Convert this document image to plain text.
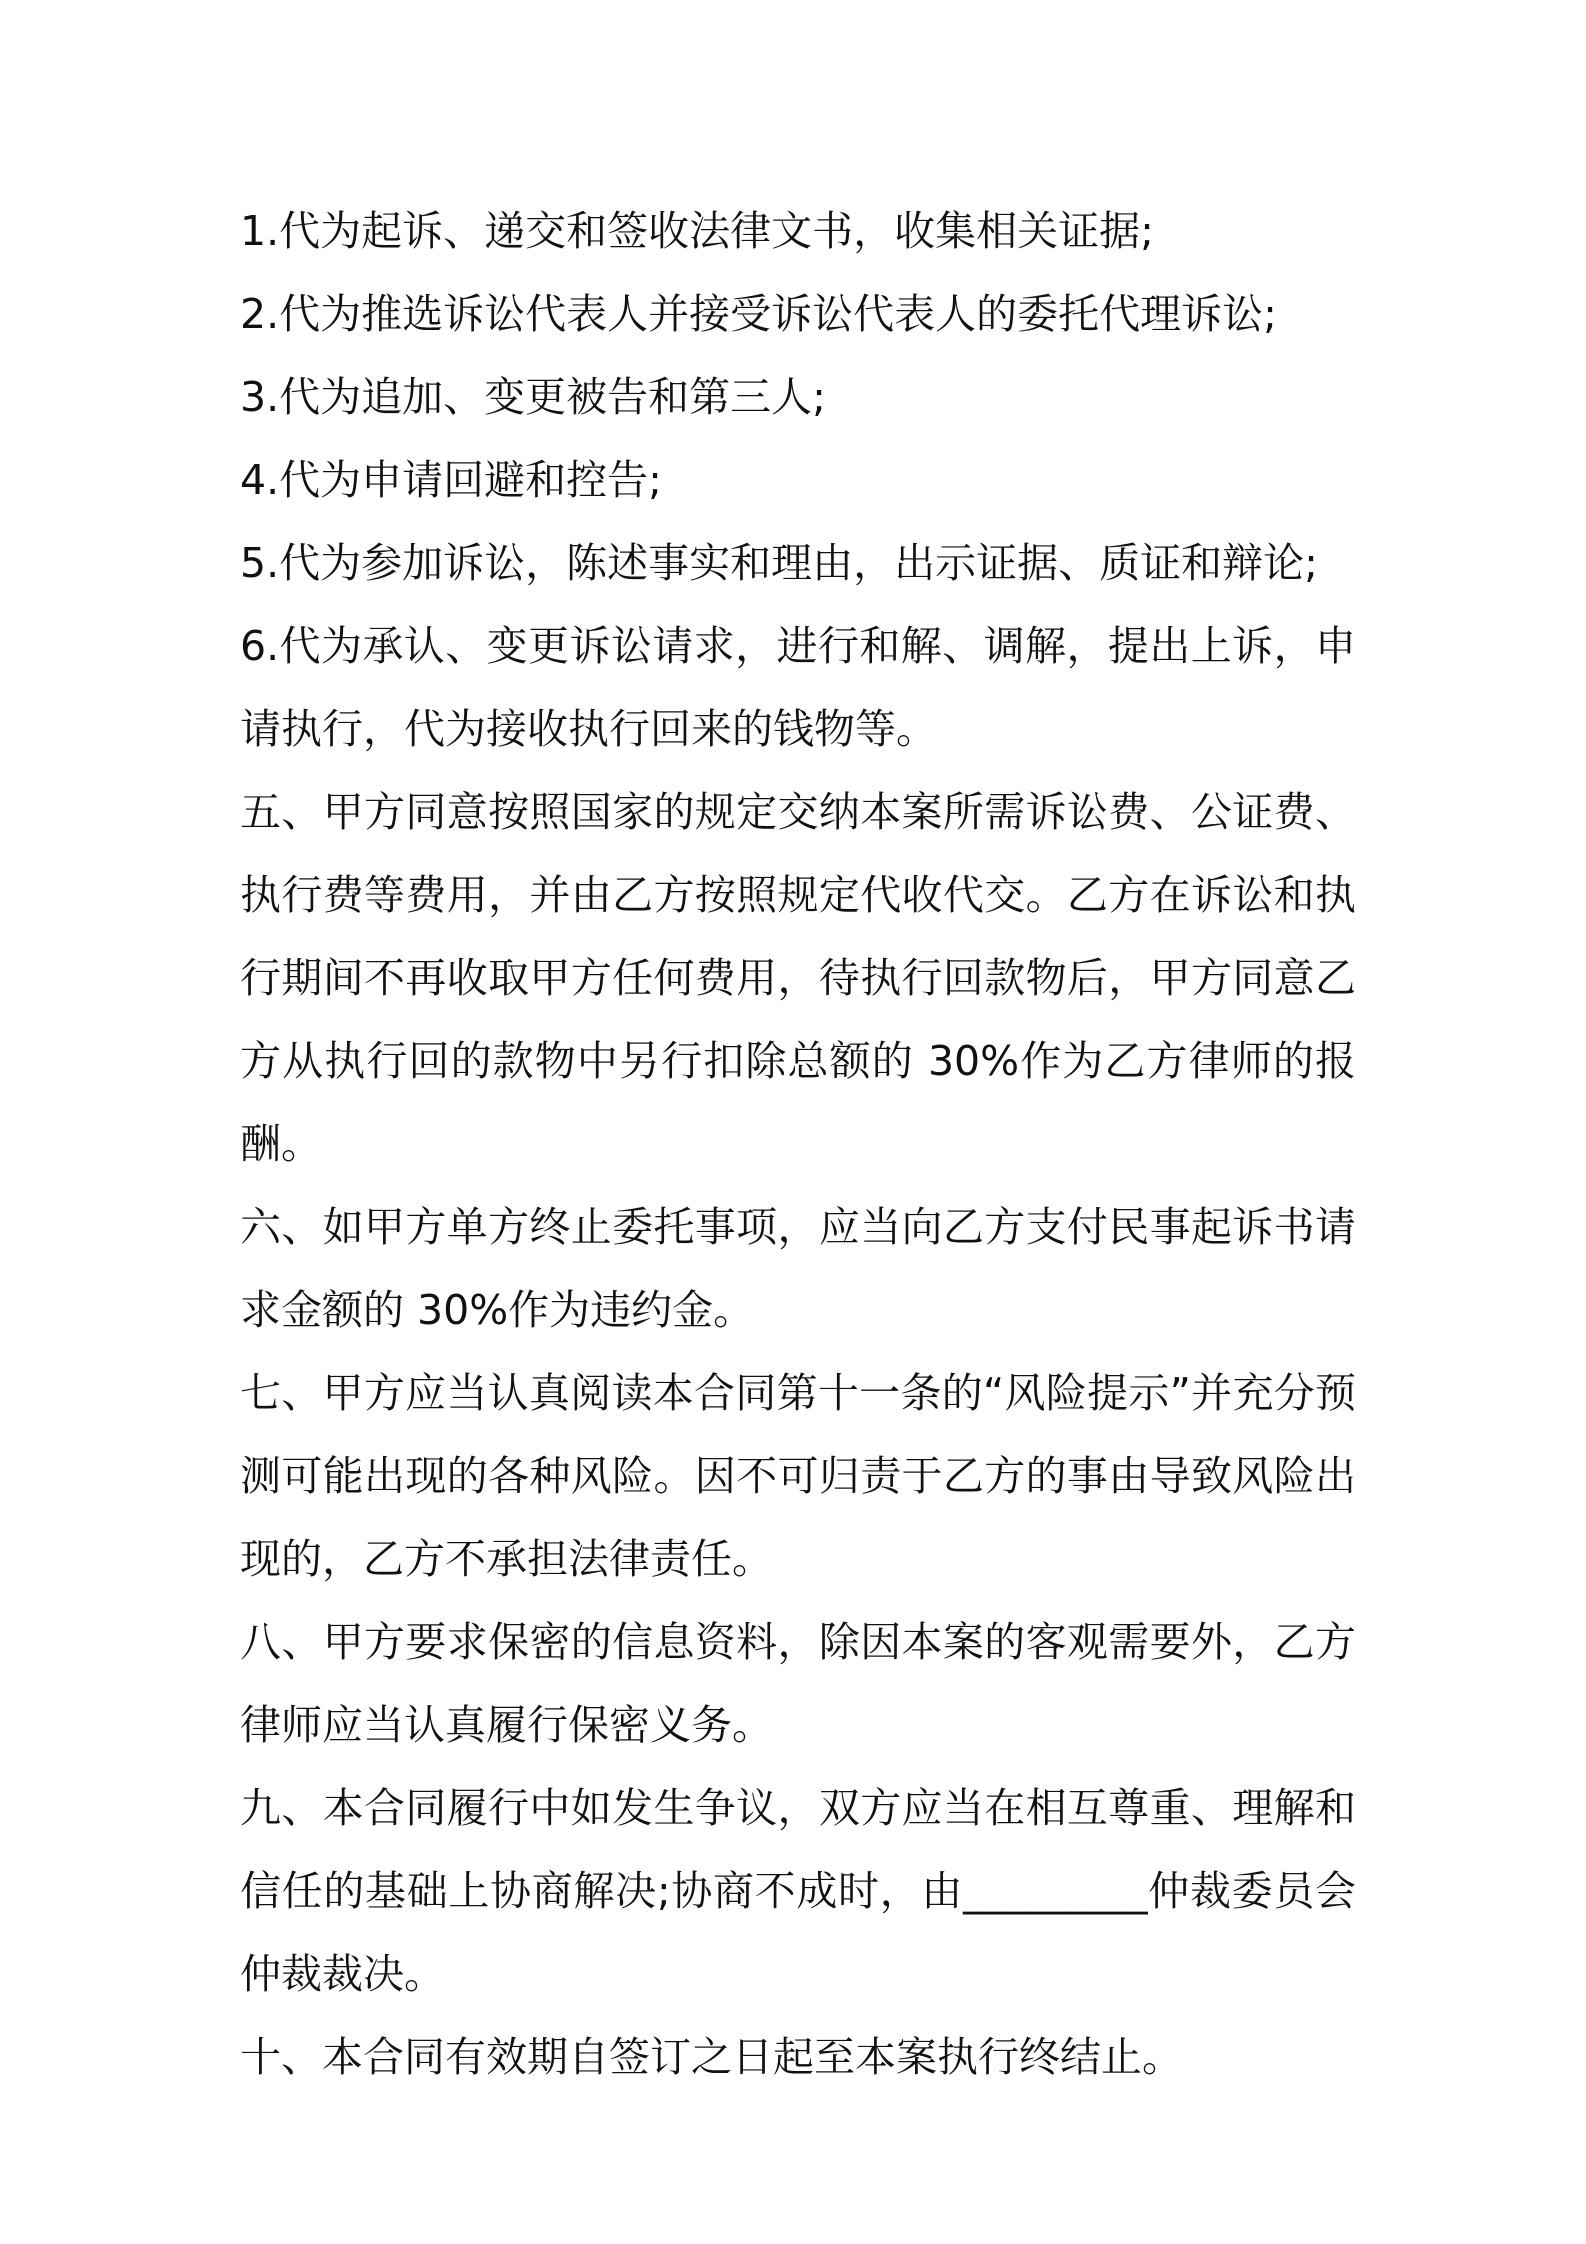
1.代为起诉、递交和签收法律文书，收集相关证据;

2.代为推选诉讼代表人并接受诉讼代表人的委托代理诉讼;

3.代为追加、变更被告和第三人;

4.代为申请回避和控告;

5.代为参加诉讼，陈述事实和理由，出示证据、质证和辩论;

6.代为承认、变更诉讼请求，进行和解、调解，提出上诉，申请执行，代为接收执行回来的钱物等。

五、甲方同意按照国家的规定交纳本案所需诉讼费、公证费、执行费等费用，并由乙方按照规定代收代交。乙方在诉讼和执行期间不再收取甲方任何费用，待执行回款物后，甲方同意乙方从执行回的款物中另行扣除总额的 30%作为乙方律师的报酬。

六、如甲方单方终止委托事项，应当向乙方支付民事起诉书请求金额的 30%作为违约金。

七、甲方应当认真阅读本合同第十一条的“风险提示”并充分预测可能出现的各种风险。因不可归责于乙方的事由导致风险出现的，乙方不承担法律责任。

八、甲方要求保密的信息资料，除因本案的客观需要外，乙方律师应当认真履行保密义务。

九、本合同履行中如发生争议，双方应当在相互尊重、理解和信任的基础上协商解决;协商不成时，由_________仲裁委员会仲裁裁决。

十、本合同有效期自签订之日起至本案执行终结止。
